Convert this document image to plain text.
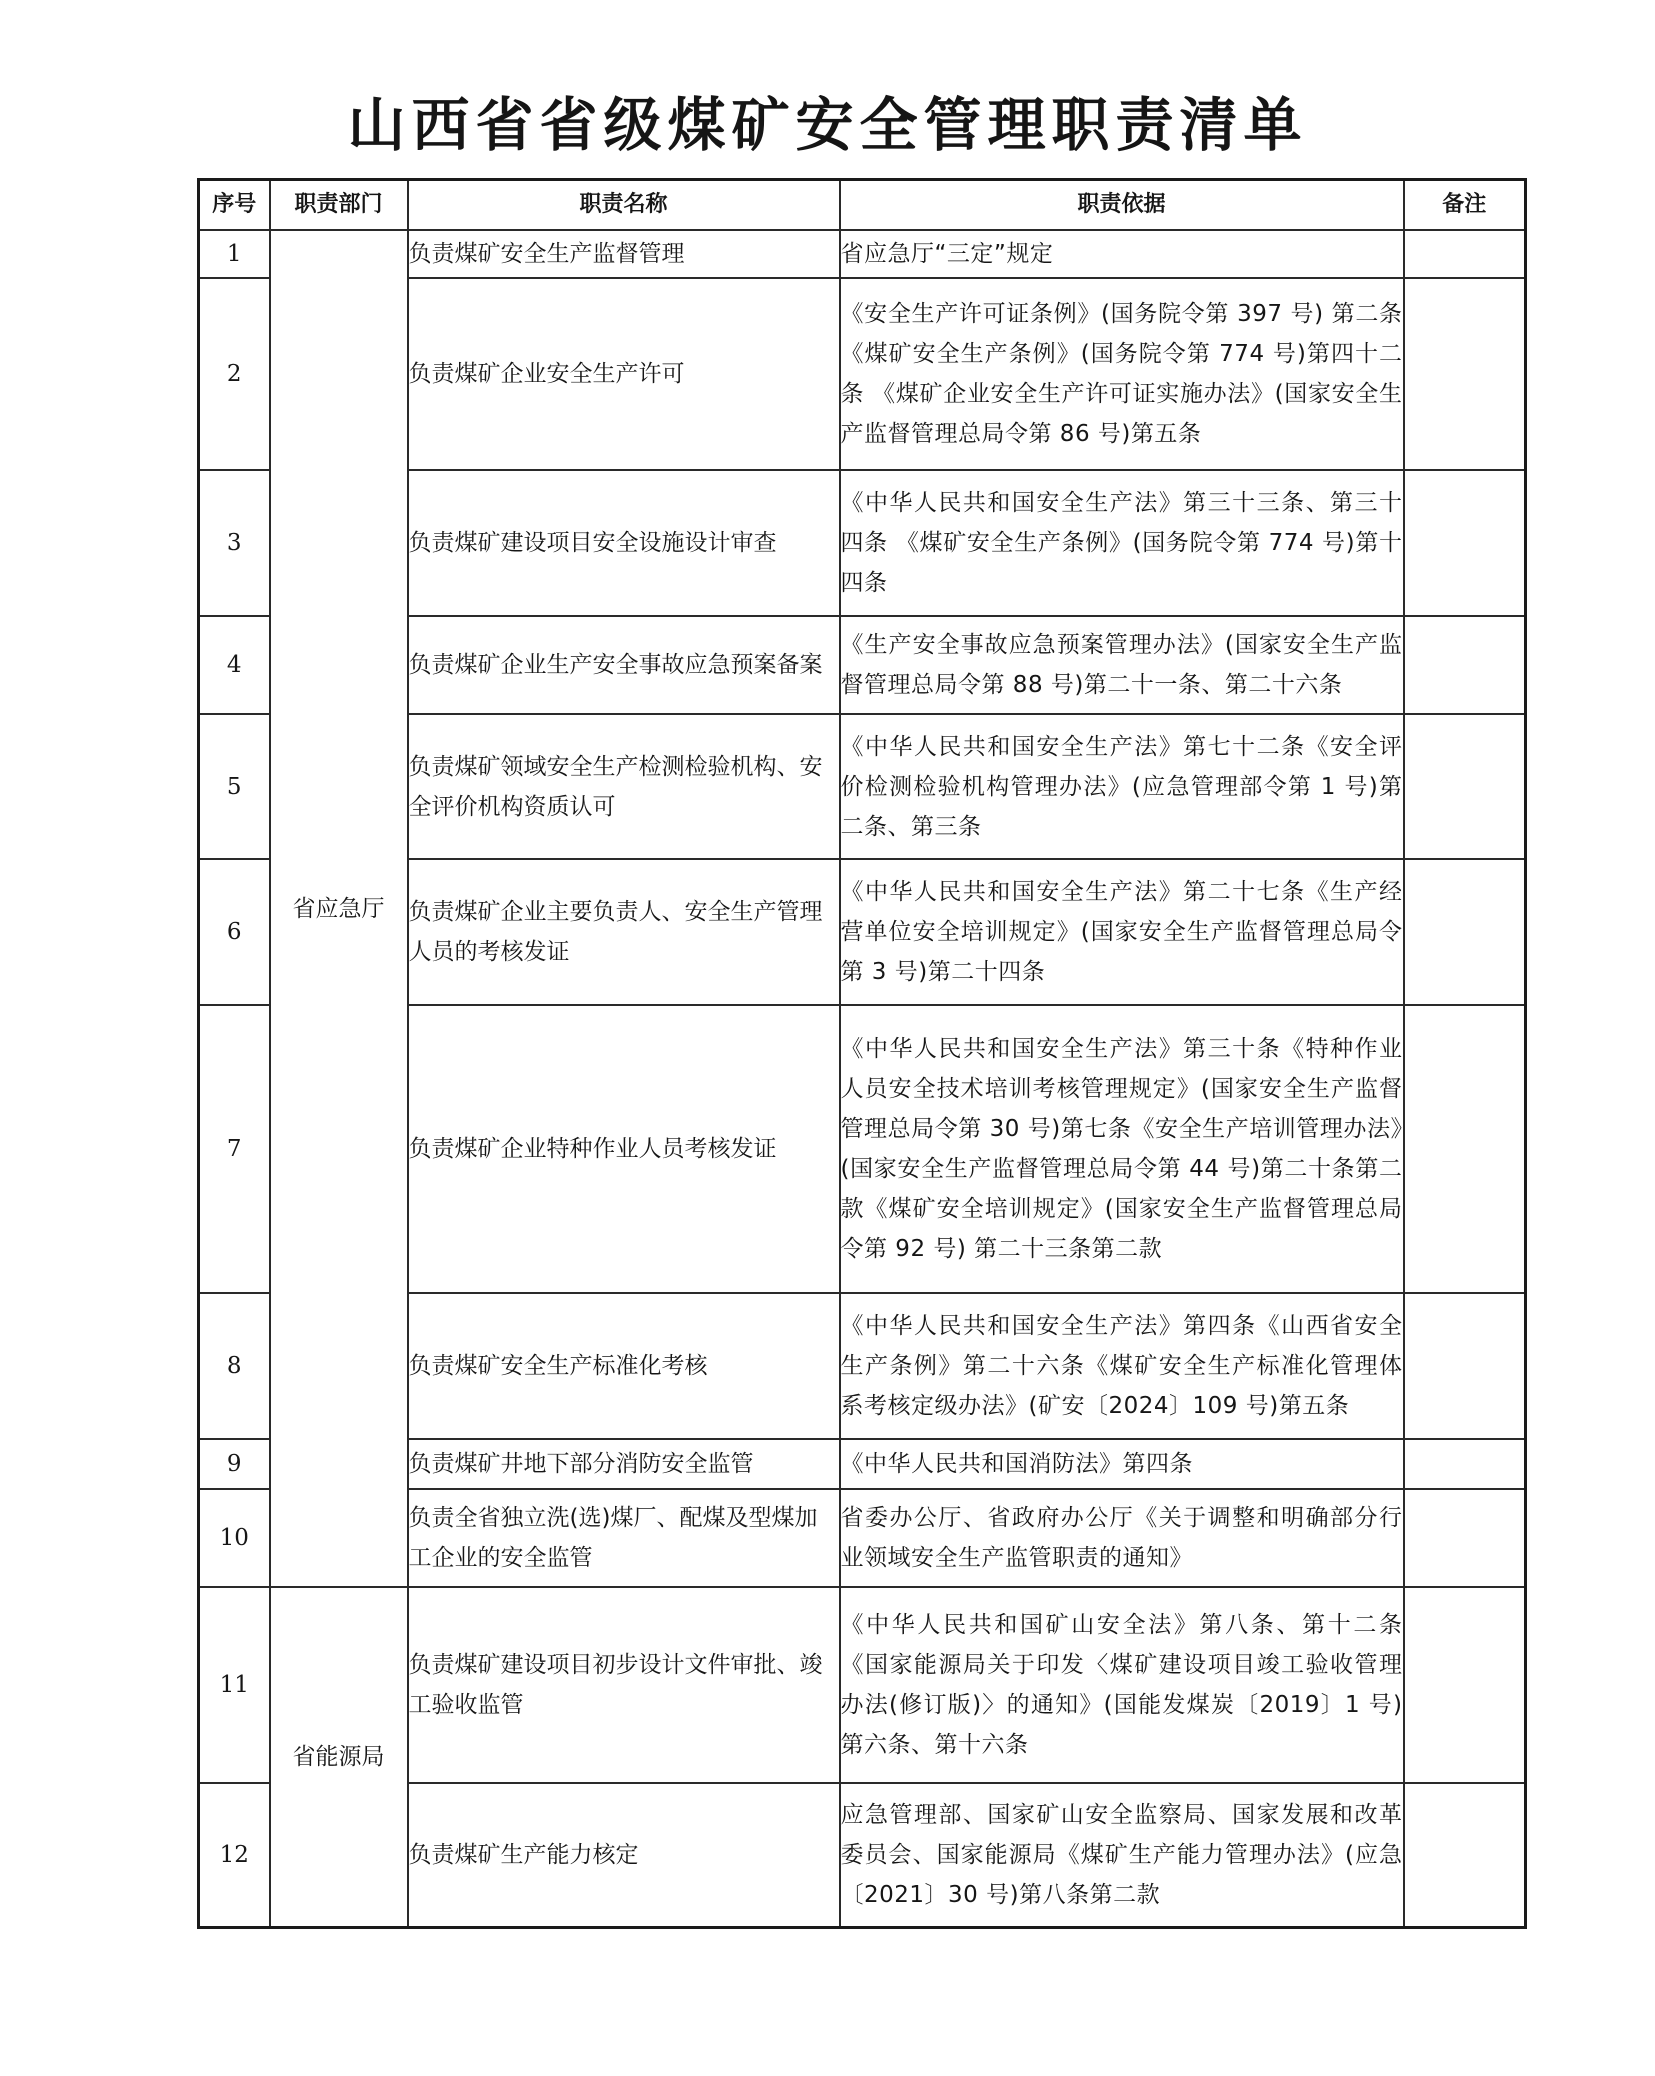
山西省省级煤矿安全管理职责清单
序号	职责部门	职责名称	职责依据	备注
1	省应急厅	负责煤矿安全生产监督管理	省应急厅“三定”规定	
2		负责煤矿企业安全生产许可	《安全生产许可证条例》(国务院令第 397 号) 第二条《煤矿安全生产条例》(国务院令第 774 号)第四十二条 《煤矿企业安全生产许可证实施办法》(国家安全生产监督管理总局令第 86 号)第五条	
3		负责煤矿建设项目安全设施设计审查	《中华人民共和国安全生产法》第三十三条、第三十四条 《煤矿安全生产条例》(国务院令第 774 号)第十四条	
4		负责煤矿企业生产安全事故应急预案备案	《生产安全事故应急预案管理办法》(国家安全生产监督管理总局令第 88 号)第二十一条、第二十六条	
5		负责煤矿领域安全生产检测检验机构、安全评价机构资质认可	《中华人民共和国安全生产法》第七十二条《安全评价检测检验机构管理办法》(应急管理部令第 1 号)第二条、第三条	
6		负责煤矿企业主要负责人、安全生产管理人员的考核发证	《中华人民共和国安全生产法》第二十七条《生产经营单位安全培训规定》(国家安全生产监督管理总局令第 3 号)第二十四条	
7		负责煤矿企业特种作业人员考核发证	《中华人民共和国安全生产法》第三十条《特种作业人员安全技术培训考核管理规定》(国家安全生产监督管理总局令第 30 号)第七条《安全生产培训管理办法》(国家安全生产监督管理总局令第 44 号)第二十条第二款《煤矿安全培训规定》(国家安全生产监督管理总局令第 92 号) 第二十三条第二款	
8		负责煤矿安全生产标准化考核	《中华人民共和国安全生产法》第四条《山西省安全生产条例》第二十六条《煤矿安全生产标准化管理体系考核定级办法》(矿安〔2024〕109 号)第五条	
9		负责煤矿井地下部分消防安全监管	《中华人民共和国消防法》第四条	
10		负责全省独立洗(选)煤厂、配煤及型煤加工企业的安全监管	省委办公厅、省政府办公厅《关于调整和明确部分行业领域安全生产监管职责的通知》	
11	省能源局	负责煤矿建设项目初步设计文件审批、竣工验收监管	《中华人民共和国矿山安全法》第八条、第十二条《国家能源局关于印发〈煤矿建设项目竣工验收管理办法(修订版)〉的通知》(国能发煤炭〔2019〕1 号)第六条、第十六条	
12		负责煤矿生产能力核定	应急管理部、国家矿山安全监察局、国家发展和改革委员会、国家能源局《煤矿生产能力管理办法》(应急〔2021〕30 号)第八条第二款	
